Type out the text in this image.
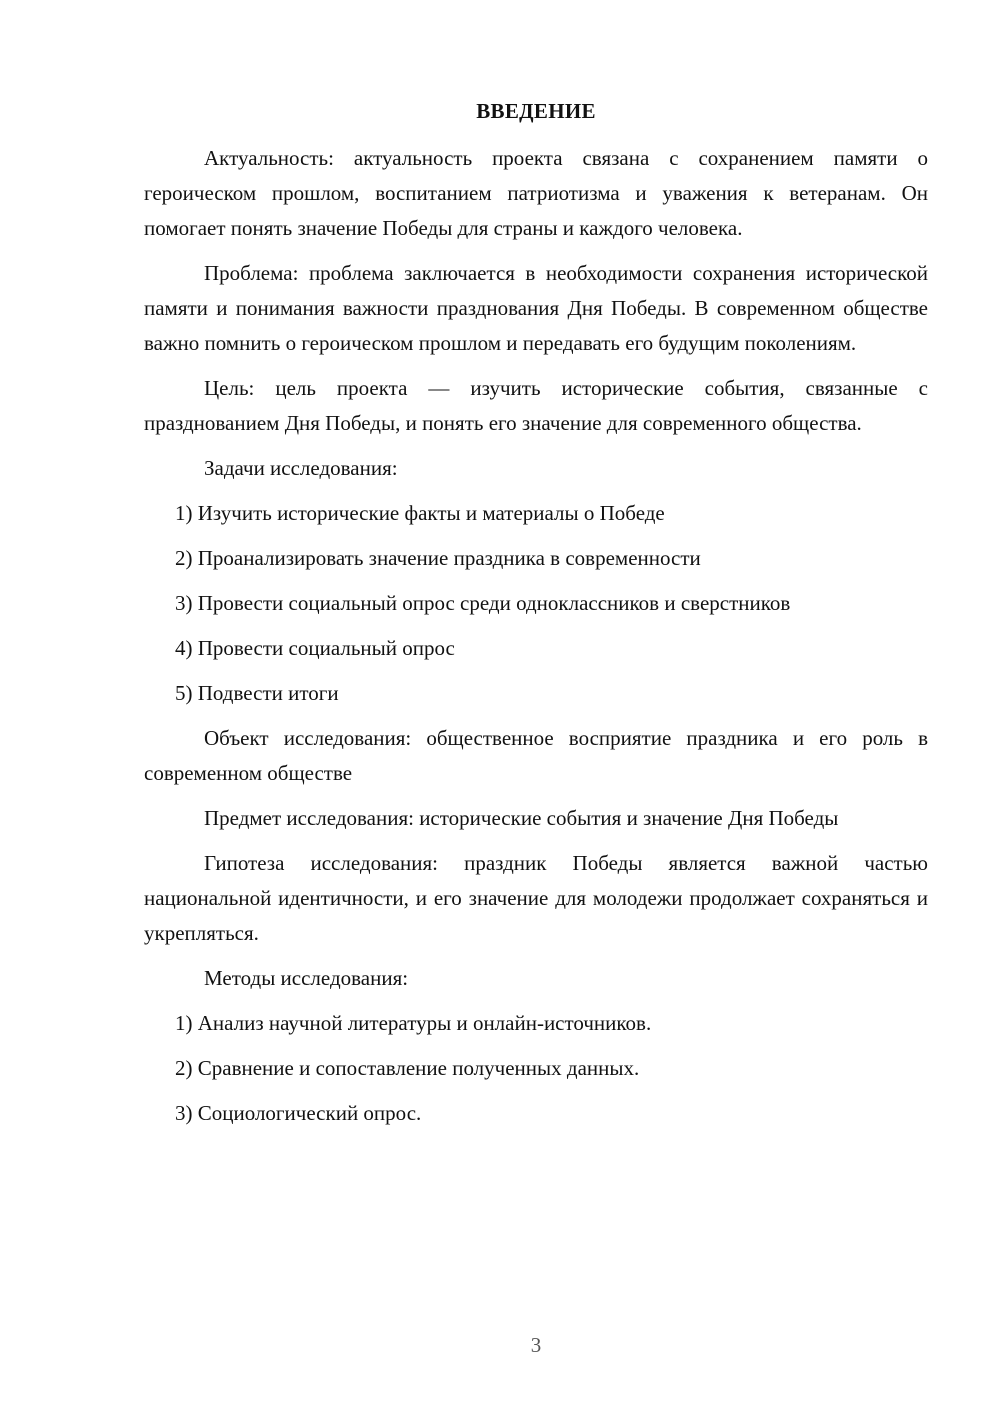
ВВЕДЕНИЕ

Актуальность: актуальность проекта связана с сохранением памяти о героическом прошлом, воспитанием патриотизма и уважения к ветеранам. Он помогает понять значение Победы для страны и каждого человека.

Проблема: проблема заключается в необходимости сохранения исторической памяти и понимания важности празднования Дня Победы. В современном обществе важно помнить о героическом прошлом и передавать его будущим поколениям.

Цель: цель проекта — изучить исторические события, связанные с празднованием Дня Победы, и понять его значение для современного общества.

Задачи исследования:

1) Изучить исторические факты и материалы о Победе

2) Проанализировать значение праздника в современности

3) Провести социальный опрос среди одноклассников и сверстников

4) Провести социальный опрос

5) Подвести итоги

Объект исследования: общественное восприятие праздника и его роль в современном обществе

Предмет исследования: исторические события и значение Дня Победы

Гипотеза исследования: праздник Победы является важной частью национальной идентичности, и его значение для молодежи продолжает сохраняться и укрепляться.

Методы исследования:

1) Анализ научной литературы и онлайн-источников.

2) Сравнение и сопоставление полученных данных.

3) Социологический опрос.

3
